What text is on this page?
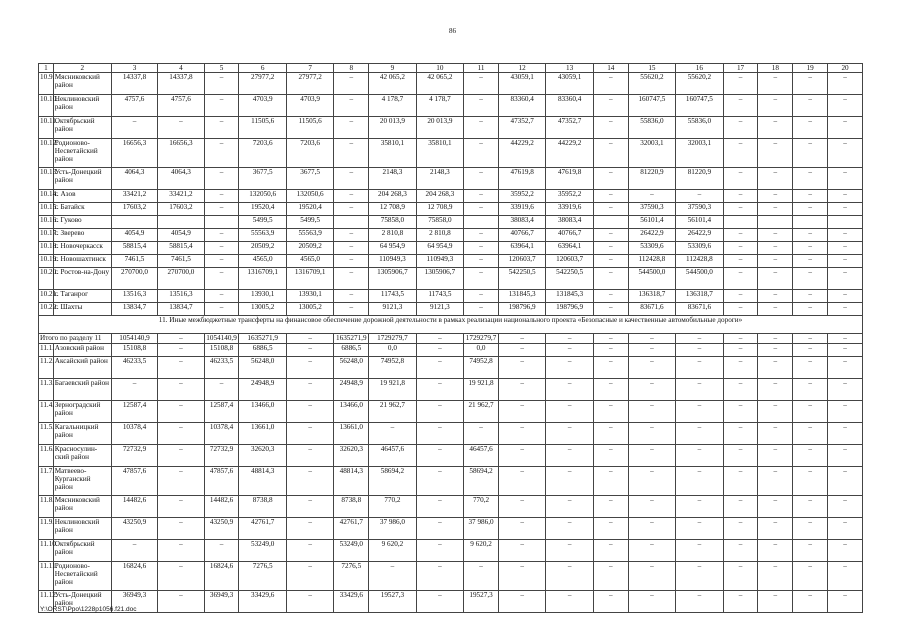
86
1	2	3	4	5	6	7	8	9	10	11	12	13	14	15	16	17	18	19	20
10.9.	Мясниковский район	14337,8	14337,8	–	27977,2	27977,2	–	42 065,2	42 065,2	–	43059,1	43059,1	–	55620,2	55620,2	–	–	–	–
10.10.	Неклиновский район	4757,6	4757,6	–	4703,9	4703,9	–	4 178,7	4 178,7	–	83360,4	83360,4	–	160747,5	160747,5	–	–	–	–
10.11.	Октябрьский район	–	–	–	11505,6	11505,6	–	20 013,9	20 013,9	–	47352,7	47352,7	–	55836,0	55836,0	–	–	–	–
10.12.	Родионово-Несветайский район	16656,3	16656,3	–	7203,6	7203,6	–	35810,1	35810,1	–	44229,2	44229,2	–	32003,1	32003,1	–	–	–	–
10.13.	Усть-Донецкий район	4064,3	4064,3	–	3677,5	3677,5	–	2148,3	2148,3	–	47619,8	47619,8	–	81220,9	81220,9	–	–	–	–
10.14.	г. Азов	33421,2	33421,2	–	132050,6	132050,6	–	204 268,3	204 268,3	–	35952,2	35952,2	–	–	–	–	–	–	–
10.15.	г. Батайск	17603,2	17603,2	–	19520,4	19520,4	–	12 708,9	12 708,9	–	33919,6	33919,6	–	37590,3	37590,3	–	–	–	–
10.16.	г. Гуково				5499,5	5499,5		75858,0	75858,0		38083,4	38083,4		56101,4	56101,4				
10.17.	г. Зверево	4054,9	4054,9	–	55563,9	55563,9	–	2 810,8	2 810,8	–	40766,7	40766,7	–	26422,9	26422,9	–	–	–	–
10.18.	г. Новочеркасск	58815,4	58815,4	–	20509,2	20509,2	–	64 954,9	64 954,9	–	63964,1	63964,1	–	53309,6	53309,6	–	–	–	–
10.19.	г. Новошахтинск	7461,5	7461,5	–	4565,0	4565,0	–	110949,3	110949,3	–	120603,7	120603,7	–	112428,8	112428,8	–	–	–	–
10.20.	г. Ростов-на-Дону	270700,0	270700,0	–	1316709,1	1316709,1	–	1305906,7	1305906,7	–	542250,5	542250,5	–	544500,0	544500,0	–	–	–	–
10.21.	г. Таганрог	13516,3	13516,3	–	13930,1	13930,1	–	11743,5	11743,5	–	131845,3	131845,3	–	136318,7	136318,7	–	–	–	–
10.22.	г. Шахты	13834,7	13834,7	–	13005,2	13005,2	–	9121,3	9121,3	–	198796,9	198796,9	–	83671,6	83671,6	–	–	–	–
11. Иные межбюджетные трансферты на финансовое обеспечение дорожной деятельности в рамках реализации национального проекта «Безопасные и качественные автомобильные дороги»																			
Итого по разделу 11		1054140,9	–	1054140,9	1635271,9	–	1635271,9	1729279,7	–	1729279,7	–	–	–	–	–	–	–	–	–
11.1.	Азовский район	15108,8	–	15108,8	6886,5	–	6886,5	0,0	–	0,0	–	–	–	–	–	–	–	–	–
11.2.	Аксайский район	46233,5	–	46233,5	56248,0	–	56248,0	74952,8	–	74952,8	–	–	–	–	–	–	–	–	–
11.3.	Багаевский район	–	–	–	24948,9	–	24948,9	19 921,8	–	19 921,8	–	–	–	–	–	–	–	–	–
11.4.	Зерноградский район	12587,4	–	12587,4	13466,0	–	13466,0	21 962,7	–	21 962,7	–	–	–	–	–	–	–	–	–
11.5.	Кагальницкий район	10378,4	–	10378,4	13661,0	–	13661,0	–	–	–	–	–	–	–	–	–	–	–	–
11.6.	Красносулин-ский район	72732,9	–	72732,9	32620,3	–	32620,3	46457,6	–	46457,6	–	–	–	–	–	–	–	–	–
11.7.	Матвеево-Курганский район	47857,6	–	47857,6	48814,3	–	48814,3	58694,2	–	58694,2	–	–	–	–	–	–	–	–	–
11.8.	Мясниковский район	14482,6	–	14482,6	8738,8	–	8738,8	770,2	–	770,2	–	–	–	–	–	–	–	–	–
11.9.	Неклиновский район	43250,9	–	43250,9	42761,7	–	42761,7	37 986,0	–	37 986,0	–	–	–	–	–	–	–	–	–
11.10.	Октябрьский район	–	–	–	53249,0	–	53249,0	9 620,2	–	9 620,2	–	–	–	–	–	–	–	–	–
11.11.	Родионово-Несветайский район	16824,6	–	16824,6	7276,5	–	7276,5	–	–	–	–	–	–	–	–	–	–	–	–
11.12.	Усть-Донецкий район	36949,3	–	36949,3	33429,6	–	33429,6	19527,3	–	19527,3	–	–	–	–	–	–	–	–	–
Y:\ORST\Ppo\1228p1056.f21.doc
